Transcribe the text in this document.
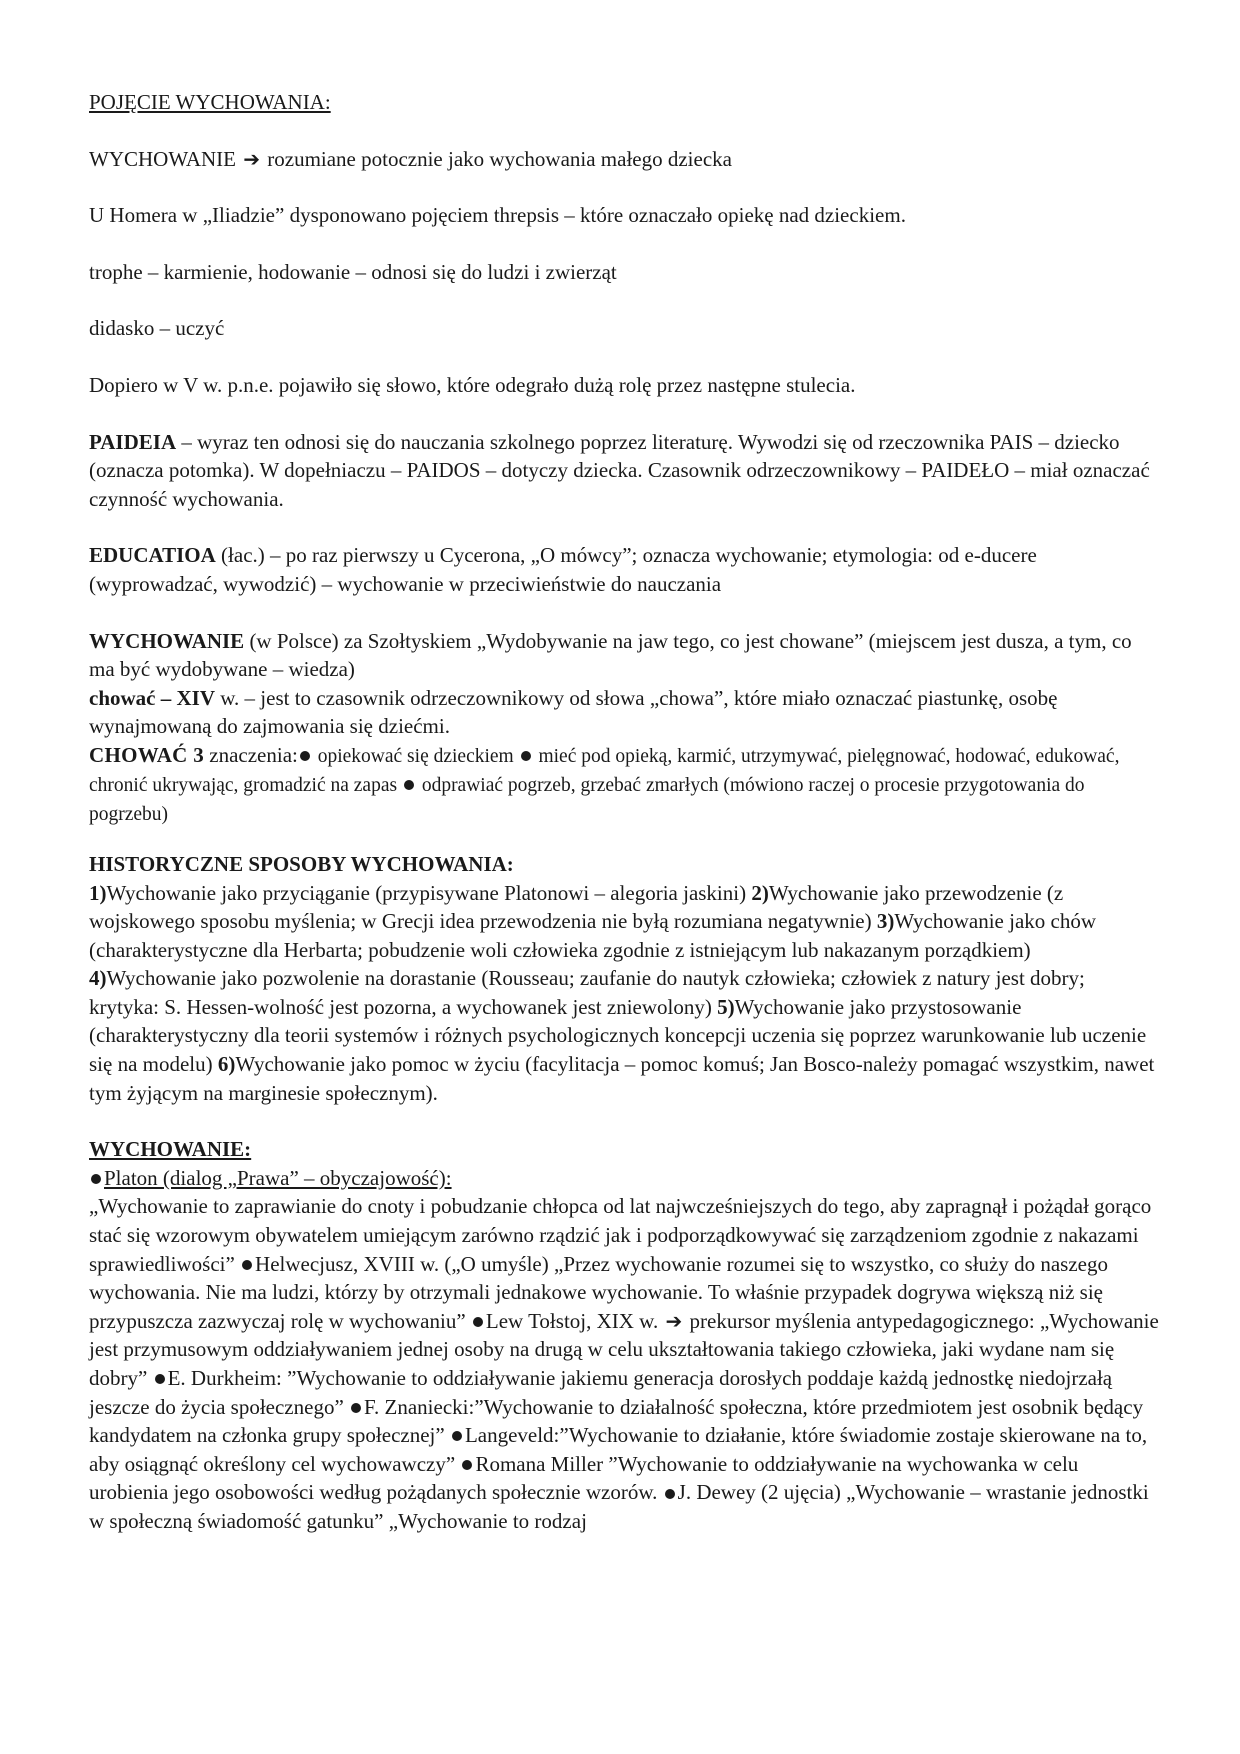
POJĘCIE WYCHOWANIA:

WYCHOWANIE ➔ rozumiane potocznie jako wychowania małego dziecka

U Homera w „Iliadzie” dysponowano pojęciem threpsis – które oznaczało opiekę nad dzieckiem.

trophe – karmienie, hodowanie – odnosi się do ludzi i zwierząt

didasko – uczyć

Dopiero w V w. p.n.e. pojawiło się słowo, które odegrało dużą rolę przez następne stulecia.

PAIDEIA – wyraz ten odnosi się do nauczania szkolnego poprzez literaturę. Wywodzi się od rzeczownika PAIS – dziecko (oznacza potomka). W dopełniaczu – PAIDOS – dotyczy dziecka. Czasownik odrzeczownikowy – PAIDEŁO – miał oznaczać czynność wychowania.

EDUCATIOA (łac.) – po raz pierwszy u Cycerona, „O mówcy”; oznacza wychowanie; etymologia: od e-ducere (wyprowadzać, wywodzić) – wychowanie w przeciwieństwie do nauczania

WYCHOWANIE (w Polsce) za Szołtyskiem „Wydobywanie na jaw tego, co jest chowane” (miejscem jest dusza, a tym, co ma być wydobywane – wiedza)

chować – XIV w. – jest to czasownik odrzeczownikowy od słowa „chowa”, które miało oznaczać piastunkę, osobę wynajmowaną do zajmowania się dziećmi.

CHOWAĆ 3 znaczenia: opiekować się dzieckiem  mieć pod opieką, karmić, utrzymywać, pielęgnować, hodować, edukować, chronić ukrywając, gromadzić na zapas  odprawiać pogrzeb, grzebać zmarłych (mówiono raczej o procesie przygotowania do pogrzebu)

HISTORYCZNE SPOSOBY WYCHOWANIA:

1)Wychowanie jako przyciąganie (przypisywane Platonowi – alegoria jaskini) 2)Wychowanie jako przewodzenie (z wojskowego sposobu myślenia; w Grecji idea przewodzenia nie byłą rozumiana negatywnie) 3)Wychowanie jako chów (charakterystyczne dla Herbarta; pobudzenie woli człowieka zgodnie z istniejącym lub nakazanym porządkiem) 4)Wychowanie jako pozwolenie na dorastanie (Rousseau; zaufanie do nautyk człowieka; człowiek z natury jest dobry; krytyka: S. Hessen-wolność jest pozorna, a wychowanek jest zniewolony) 5)Wychowanie jako przystosowanie (charakterystyczny dla teorii systemów i różnych psychologicznych koncepcji uczenia się poprzez warunkowanie lub uczenie się na modelu) 6)Wychowanie jako pomoc w życiu (facylitacja – pomoc komuś; Jan Bosco-należy pomagać wszystkim, nawet tym żyjącym na marginesie społecznym).

WYCHOWANIE:

Platon (dialog „Prawa” – obyczajowość):

„Wychowanie to zaprawianie do cnoty i pobudzanie chłopca od lat najwcześniejszych do tego, aby zapragnął i pożądał gorąco stać się wzorowym obywatelem umiejącym zarówno rządzić jak i podporządkowywać się zarządzeniom zgodnie z nakazami sprawiedliwości” Helwecjusz, XVIII w. („O umyśle) „Przez wychowanie rozumei się to wszystko, co służy do naszego wychowania. Nie ma ludzi, którzy by otrzymali jednakowe wychowanie. To właśnie przypadek dogrywa większą niż się przypuszcza zazwyczaj rolę w wychowaniu” Lew Tołstoj, XIX w. ➔ prekursor myślenia antypedagogicznego: „Wychowanie jest przymusowym oddziaływaniem jednej osoby na drugą w celu ukształtowania takiego człowieka, jaki wydane nam się dobry” E. Durkheim: ”Wychowanie to oddziaływanie jakiemu generacja dorosłych poddaje każdą jednostkę niedojrzałą jeszcze do życia społecznego” F. Znaniecki:”Wychowanie to działalność społeczna, które przedmiotem jest osobnik będący kandydatem na członka grupy społecznej” Langeveld:”Wychowanie to działanie, które świadomie zostaje skierowane na to, aby osiągnąć określony cel wychowawczy” Romana Miller ”Wychowanie to oddziaływanie na wychowanka w celu urobienia jego osobowości według pożądanych społecznie wzorów. J. Dewey (2 ujęcia) „Wychowanie – wrastanie jednostki w społeczną świadomość gatunku” „Wychowanie to rodzaj
